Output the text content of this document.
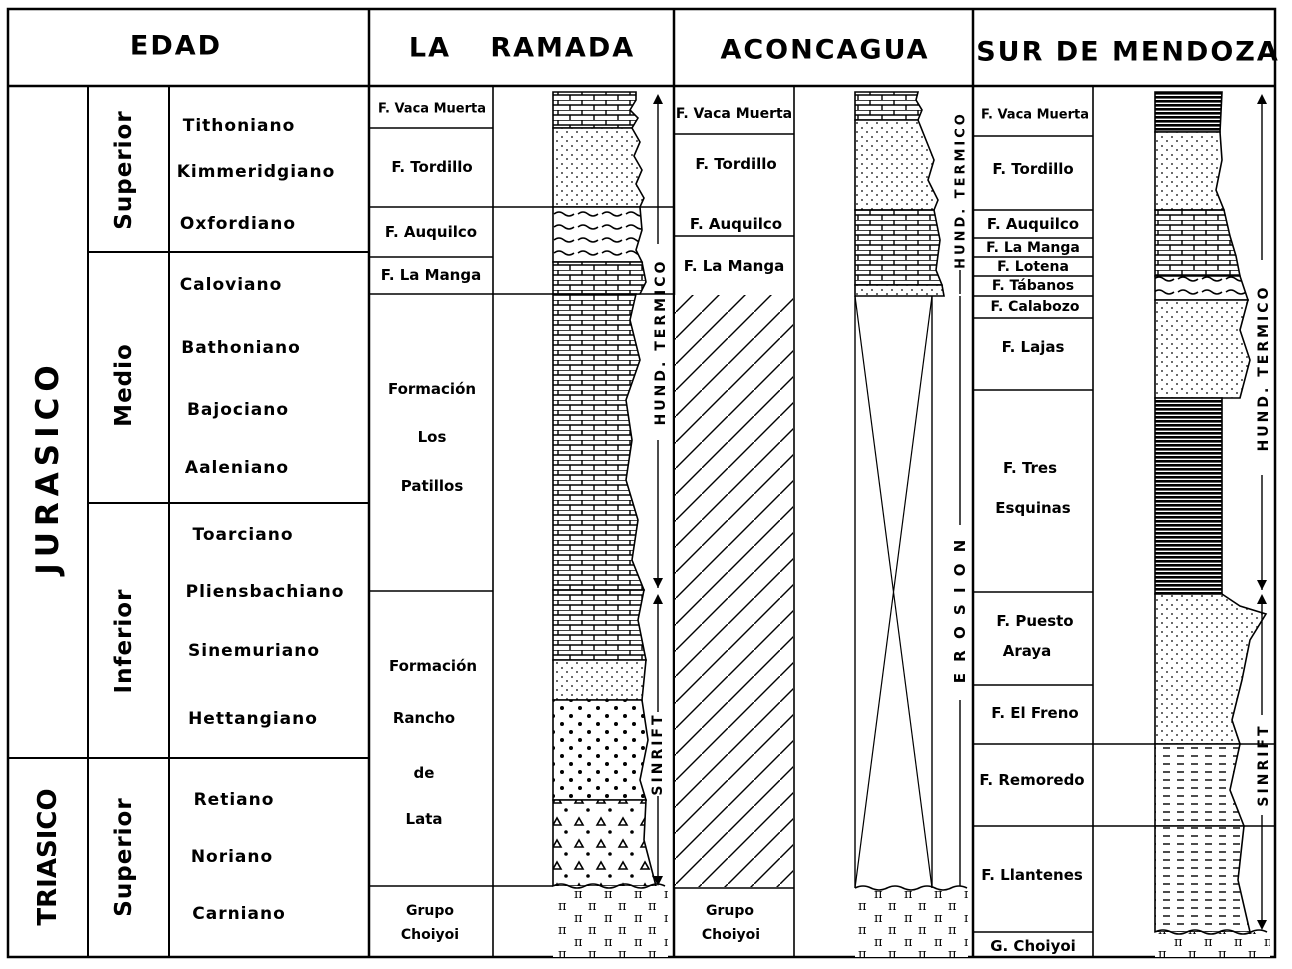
EDAD	LA RAMADA	ACONCAGUA SUR DE MENDOZA
JURASICO
TRIASICO
Superior
Medio
Inferior
Superior
Tithoniano
Kimmeridgiano
Oxfordiano
Caloviano
Bathoniano
Bajociano
Aaleniano
Toarciano
Pliensbachiano
Sinemuriano
Hettangiano
Retiano
Noriano
Carniano
F. Vaca Muerta
F. Tordillo
F. Auquilco
F. La Manga
Formación
Los
Patillos
Formación
Rancho
de
Lata
Grupo
Choiyoi
HUND. TERMICO
SINRIFT
F. Vaca Muerta
F. Tordillo
F. Auquilco
F. La Manga
Grupo
Choiyoi
HUND. TERMICO
E R O S I O N
F. Vaca Muerta
F. Tordillo
F. Auquilco
F. La Manga
F. Lotena
F. Tábanos
F. Calabozo
F. Lajas
F. Tres
Esquinas
F. Puesto
Araya
F. El Freno
F. Remoredo
F. Llantenes
G. Choiyoi
HUND. TERMICO
SINRIFT
